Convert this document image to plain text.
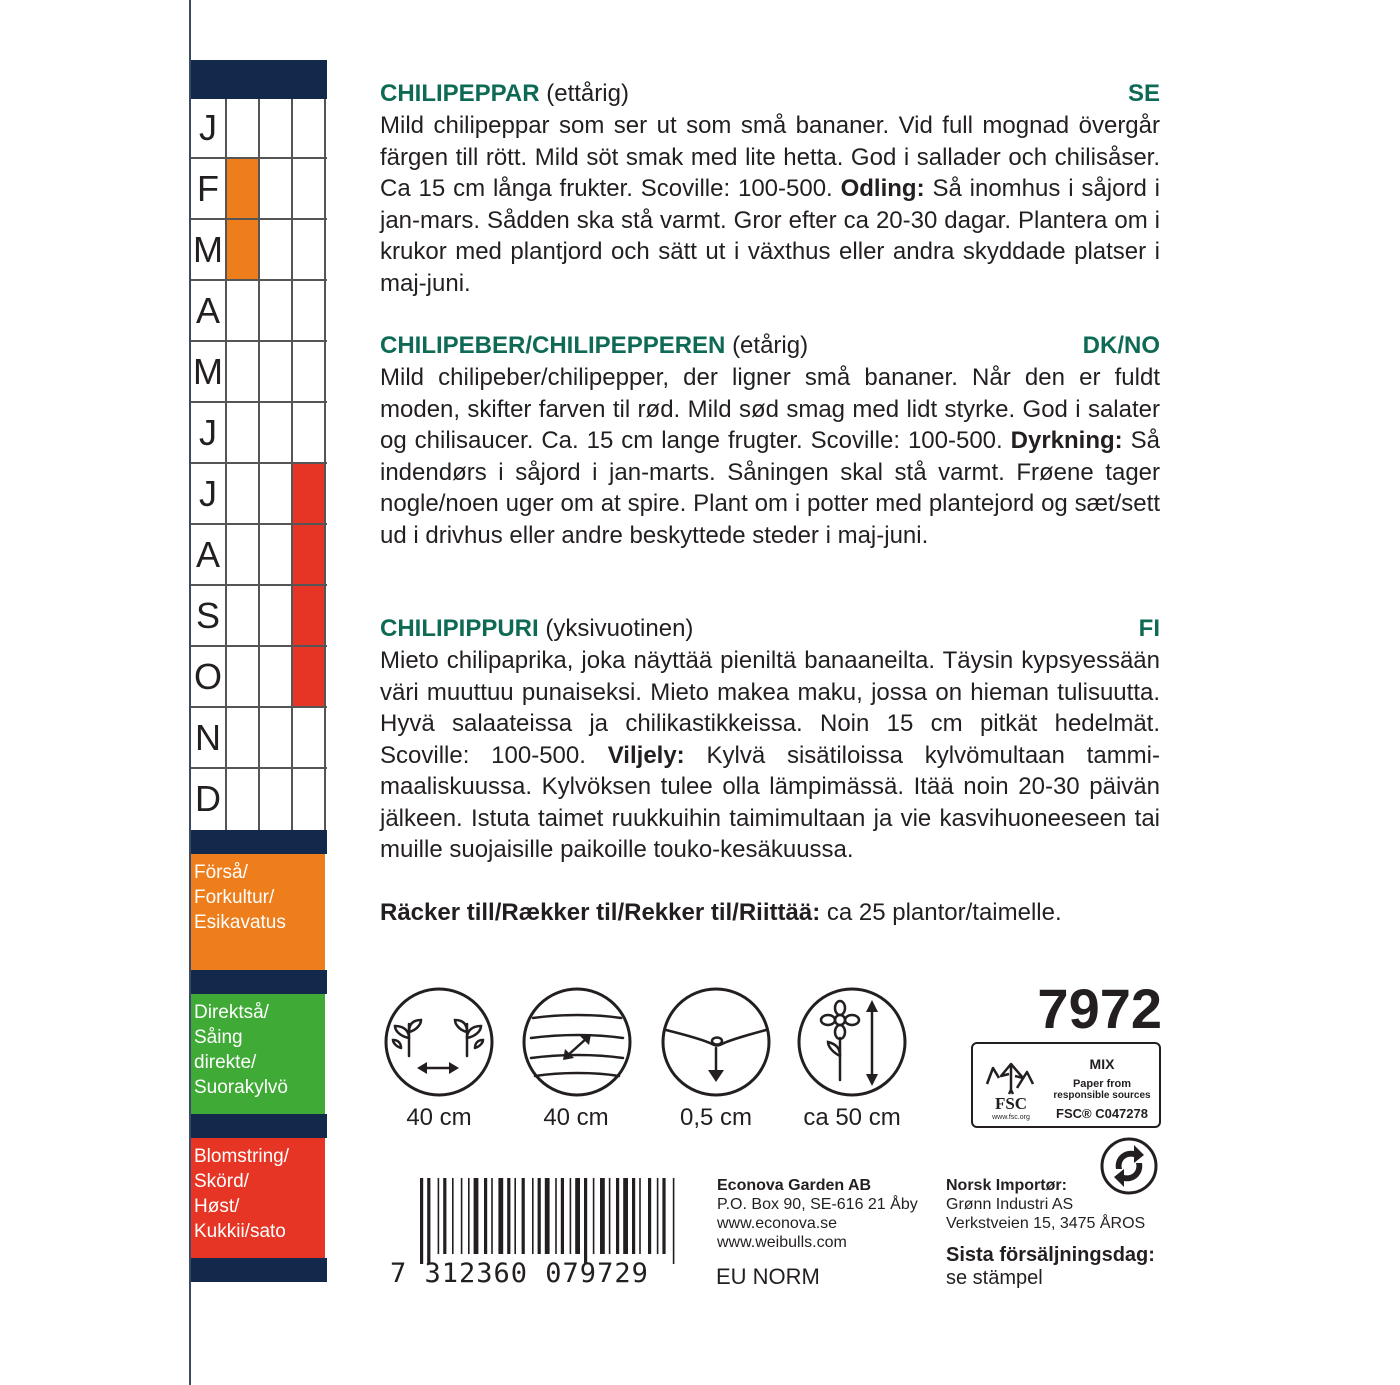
J
F
M
A
M
J
J
A
S
O
N
D
Förså/
Forkultur/
Esikavatus
Direktså/
Såing
direkte/
Suorakylvö
Blomstring/
Skörd/
Høst/
Kukkii/sato
CHILIPEPPAR (ettårig)	SE
Mild chilipeppar som ser ut som små bananer. Vid full mognad övergår färgen till rött. Mild söt smak med lite hetta. God i sallader och chilisåser. Ca 15 cm långa frukter. Scoville: 100-500. Odling: Så inomhus i såjord i jan-mars. Sådden ska stå varmt. Gror efter ca 20-30 dagar. Plantera om i krukor med plantjord och sätt ut i växthus eller andra skyddade platser i maj-juni.
CHILIPEBER/CHILIPEPPEREN (etårig)	DK/NO
Mild chilipeber/chilipepper, der ligner små bananer. Når den er fuldt moden, skifter farven til rød. Mild sød smag med lidt styrke. God i salater og chilisaucer. Ca. 15 cm lange frugter. Scoville: 100-500. Dyrkning: Så indendørs i såjord i jan-marts. Såningen skal stå varmt. Frøene tager nogle/noen uger om at spire. Plant om i potter med plantejord og sæt/sett ud i drivhus eller andre beskyttede steder i maj-juni.
CHILIPIPPURI (yksivuotinen)	FI
Mieto chilipaprika, joka näyttää pieniltä banaaneilta. Täysin kypsyessään väri muuttuu punaiseksi. Mieto makea maku, jossa on hieman tulisuutta. Hyvä salaateissa ja chilikastikkeissa. Noin 15 cm pitkät hedelmät. Scoville: 100-500. Viljely: Kylvä sisätiloissa kylvömultaan tammi-maaliskuussa. Kylvöksen tulee olla lämpimässä. Itää noin 20-30 päivän jälkeen. Istuta taimet ruukkuihin taimimultaan ja vie kasvihuoneeseen tai muille suojaisille paikoille touko-kesäkuussa.
Räcker till/Rækker til/Rekker til/Riittää: ca 25 plantor/taimelle.
40 cm	40 cm	0,5 cm	ca 50 cm
7972
FSC
www.fsc.org
MIX
Paper from
responsible sources
FSC® C047278
7 312360 079729
Econova Garden AB
P.O. Box 90, SE-616 21 Åby
www.econova.se
www.weibulls.com
EU NORM
Norsk Importør:
Grønn Industri AS
Verkstveien 15, 3475 ÅROS
Sista försäljningsdag:
se stämpel
